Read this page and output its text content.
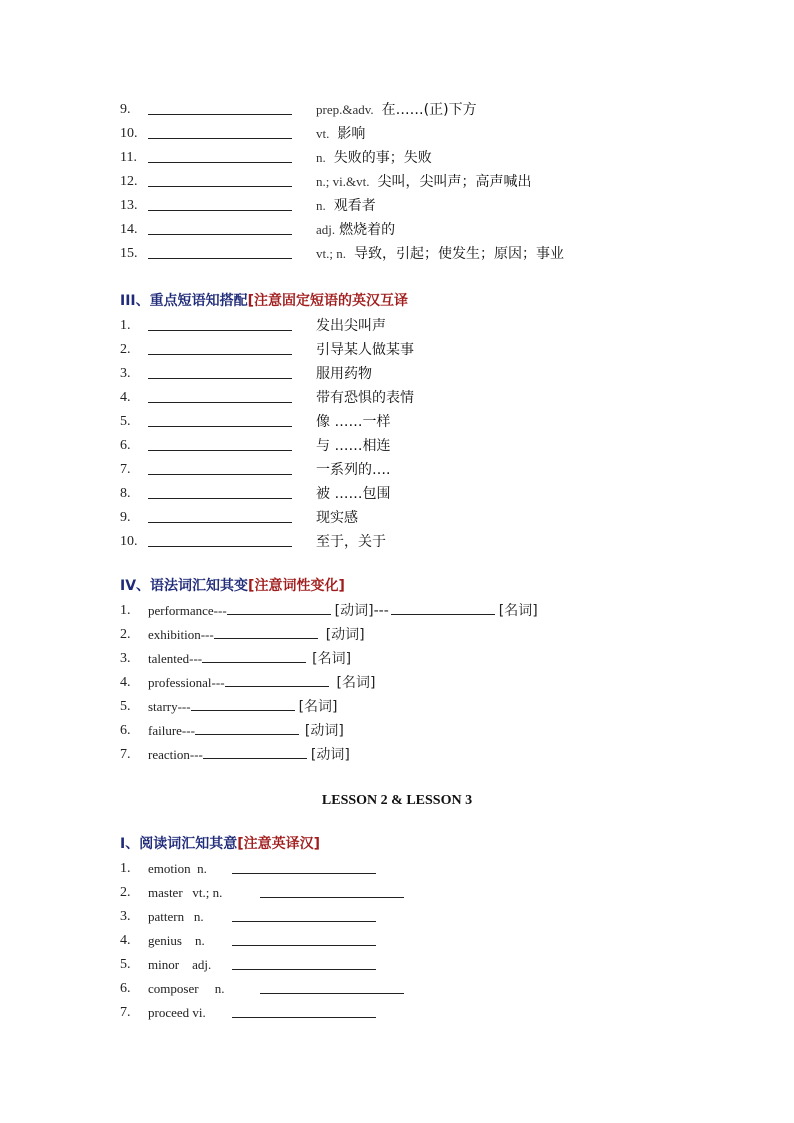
9.	prep.&adv. 在……(正)下方
10.	vt. 影响
11.	n. 失败的事；失败
12.	n.; vi.&vt. 尖叫，尖叫声；高声喊出
13.	n. 观看者
14.	adj. 燃烧着的
15.	vt.; n. 导致，引起；使发生；原因；事业
III、重点短语知搭配[注意固定短语的英汉互译
1.	发出尖叫声
2.	引导某人做某事
3.	服用药物
4.	带有恐惧的表情
5.	像 ……一样
6.	与 ……相连
7.	一系列的….
8.	被 ……包围
9.	现实感
10.	至于，关于
IV、语法词汇知其变[注意词性变化]
1. performance---	[动词]---	[名词]
2. exhibition---	[动词]
3. talented---	[名词]
4. professional---	[名词]
5. starry---	[名词]
6. failure---	[动词]
7. reaction---	[动词]
LESSON 2 & LESSON 3
I、阅读词汇知其意[注意英译汉]
1. emotion n.
2. master vt.; n.
3. pattern n.
4. genius n.
5. minor adj.
6. composer n.
7. proceed vi.
